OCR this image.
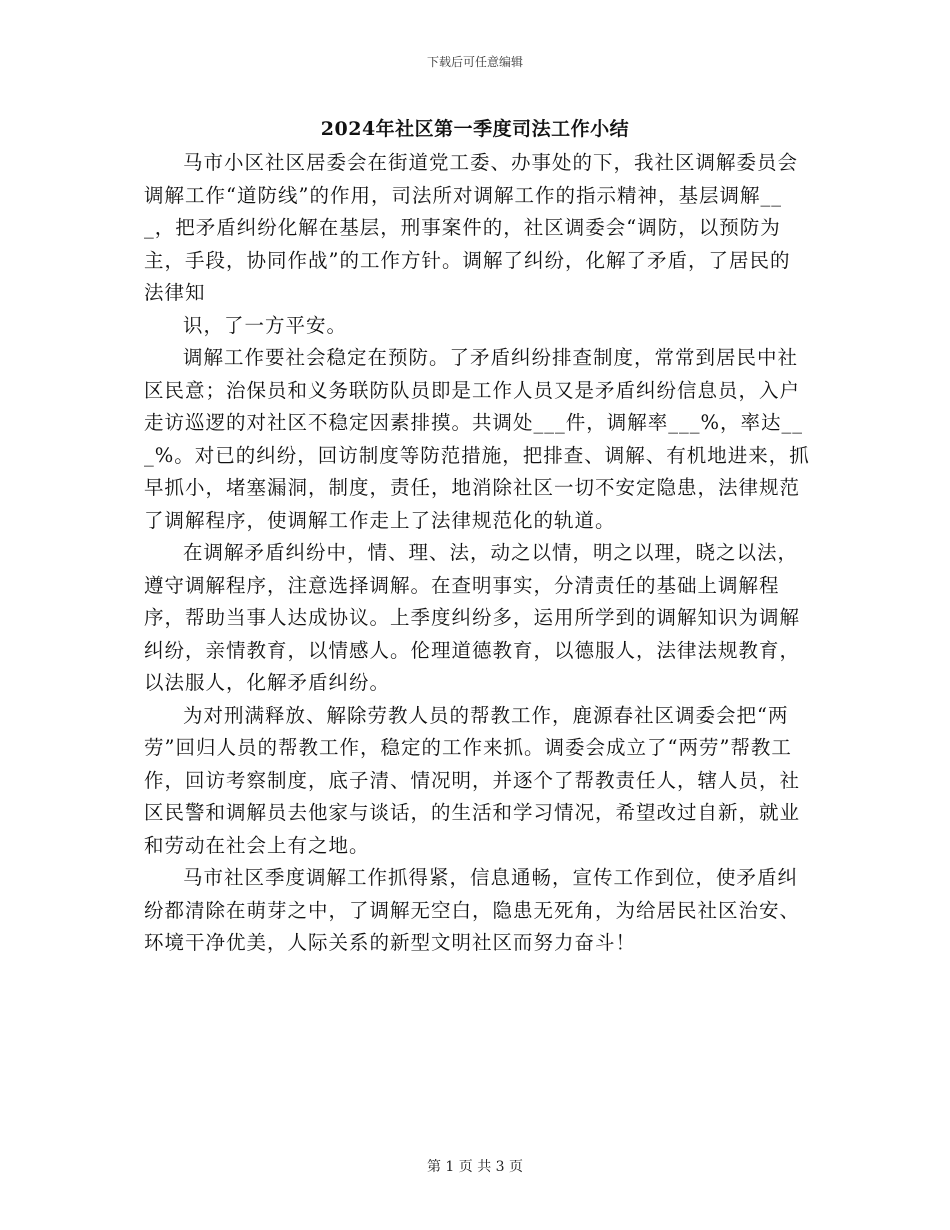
下载后可任意编辑
2024年社区第一季度司法工作小结

马市小区社区居委会在街道党工委、办事处的下，我社区调解委员会调解工作“道防线”的作用，司法所对调解工作的指示精神，基层调解___，把矛盾纠纷化解在基层，刑事案件的，社区调委会“调防，以预防为主，手段，协同作战”的工作方针。调解了纠纷，化解了矛盾，了居民的法律知

识，了一方平安。

调解工作要社会稳定在预防。了矛盾纠纷排查制度，常常到居民中社区民意；治保员和义务联防队员即是工作人员又是矛盾纠纷信息员，入户走访巡逻的对社区不稳定因素排摸。共调处___件，调解率___%，率达___%。对已的纠纷，回访制度等防范措施，把排查、调解、有机地进来，抓早抓小，堵塞漏洞，制度，责任，地消除社区一切不安定隐患，法律规范了调解程序，使调解工作走上了法律规范化的轨道。

在调解矛盾纠纷中，情、理、法，动之以情，明之以理，晓之以法，遵守调解程序，注意选择调解。在查明事实，分清责任的基础上调解程序，帮助当事人达成协议。上季度纠纷多，运用所学到的调解知识为调解纠纷，亲情教育，以情感人。伦理道德教育，以德服人，法律法规教育，以法服人，化解矛盾纠纷。

为对刑满释放、解除劳教人员的帮教工作，鹿源春社区调委会把“两劳”回归人员的帮教工作，稳定的工作来抓。调委会成立了“两劳”帮教工作，回访考察制度，底子清、情况明，并逐个了帮教责任人，辖人员，社区民警和调解员去他家与谈话，的生活和学习情况，希望改过自新，就业和劳动在社会上有之地。

马市社区季度调解工作抓得紧，信息通畅，宣传工作到位，使矛盾纠纷都清除在萌芽之中，了调解无空白，隐患无死角，为给居民社区治安、环境干净优美，人际关系的新型文明社区而努力奋斗！

第 1 页 共 3 页
